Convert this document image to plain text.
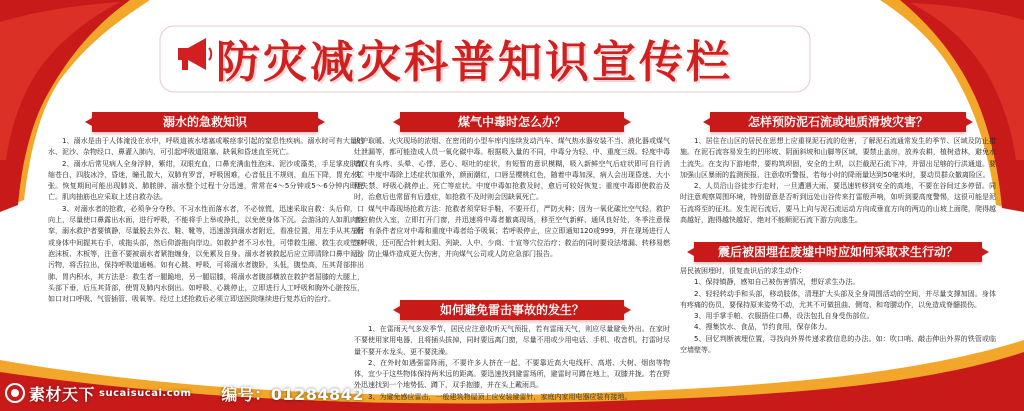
防灾减灾科普知识宣传栏
溺水的急救知识

1、溺水是由于人体淹没在水中，呼吸道被水堵塞或喉痉挛引起的窒息性疾病。溺水时可有大量的水、泥沙、杂物经口、鼻灌入肺内，可引起呼吸道阻塞、缺氧和昏迷直至死亡。

2、溺水后常见病人全身浮肿，紫绀，双眼充血，口鼻充满血性泡沫、泥沙或藻类，手足掌皮肤皱缩苍白，四肢冰冷，昏迷，瞳孔散大，双肺有罗音，呼吸困难，心音低且不规则，血压下降，胃充水扩张。恢复期间可能出现肺炎、肺脓肿、溺水整个过程十分迅速，常常在4～5分钟或5～6分钟内即死亡。肌肉抽筋也应采取上述自救办法。

3、对溺水者的抢救，必须争分夺秒。不习水性而落水者，不必惊慌，迅速采取自救：头后仰，口向上，尽量使口鼻露出水面，进行呼吸，不能将手上举或挣扎，以免使身体下沉。会游泳的人如肌肉痉挛，溺水救护者要镇静，尽量脱去外衣、鞋、靴等，迅速游到溺水者附近，看准位置，用左手从其左臂或身体中间握其右手，或拖头部，然后仰游拖向岸边。如救护者不习水性，可带救生圈、救生衣或塑料泡沫板、木板等，注意不要被溺水者紧抱缠身，以免累及自身。溺水者被救起后应立即清除口鼻中泥沙污物，将舌拉出，保持呼吸道通畅。如有心跳、呼吸，可将溺水者腹卧，头低，腹垫高，压其背部排出肺、胃内积水，其方法是：救生者一腿跪地，另一腿屈膝，将溺水者腹部横放在救护者屈膝的大腿上，头部下垂，后压其背部，使胃及肺内水倒出。如呼吸、心跳停止，立即进行人工呼吸和胸外心脏按压，如口对口呼吸、气管插管、吸氧等。经过上述抢救后必须立即送医院继续进行复苏后的治疗。

煤气中毒时怎么办？

火炉取暖、火灾现场的浓烟、在密闭的小型车库内连续发动汽车、煤气热水器安装不当、液化器或煤气灶泄漏等，都可能造成人员一氧化碳中毒。根据吸入量的不同，中毒分为轻、中、重度三级。轻度中毒者仅有头疼、头晕、心悸、恶心、呕吐的症状，有短暂的意识模糊，吸入新鲜空气后症状即可自行消失。中度中毒除上述症状加重外，颜面潮红，口唇呈樱桃红色，随着中毒加深，病人会出现昏迷、大小便失禁、呼吸心跳停止，死亡等症状。中度中毒如抢救及时，愈后可较好恢复；重度中毒即使救治及时，治愈后也常留有后遗症，如抢救不及时则会因缺氧死亡。

煤气中毒现场抢救方法：抢救者须穿好手鞋，不要开灯，严防火种；因为一氧化碳比空气轻，救护者应俯伏入室，立即打开门窗，并迅速将中毒者撤离现场，移至空气新鲜、通风良好处，冬季注意保暖；有条件者应对中毒和重度中毒者给予吸氧；若呼吸停止，应立即通知120或999，并在现场进行人工呼吸，还可配合针刺太阳、列缺、人中、少商、十宣等穴位治疗；救治的同时要设法堵漏、转移易燃品，防止爆炸造成更大伤害，并向煤气公司或人防应急部门报告。

如何避免雷击事故的发生？

1、在雷雨天气多发季节，居民应注意收听天气预报，若有雷雨天气，则应尽量避免外出。在家时不要使用家用电器，且将插头拔掉，同时要远离门窗，尽量不用或少用电话、手机、收音机，打雷时尽量不要开水龙头，更不要洗澡。

2、在外时如遇强雷阵雨，不要许多人挤在一起，不要靠近高大电线杆、高塔、大树、烟囱等物体，宜少于这些物体保持两米远的距离。要迅速找到避雷场所，避雷时可蹲在地上，双膝并拢。若在野外迅速找到一个地势低、蹲下，双手抱膝，并在头上戴雨具。

3、为避免感应雷击，一般建筑物屋顶上应安装避雷针，家庭内家用电器应装有接地。

怎样预防泥石流或地质滑坡灾害？

1、居住在山区的居民在思想上应重视泥石流的危害，了解泥石流通常发生的季节、区域及防止措施。在泥石流容易发生的凹形坡、阴面斜坡和山脚等区域，要禁止盖房，放养农耕，植树造林，避免水土流失。在支沟下游地带，要构筑坝固，安全的土坝，以拦截泥石流下冲，并留出足够的行洪通道。要加强山区暴雨的监测预报，注意收听警报，若每小时的降雨量达到50毫米时，要动员群众撤离险区。

2、人员沿山谷徒步行走时，一旦遭遇大雨，要迅速转移到安全的高地，不要在谷间过多停留。同时注意观察周围环境，特别留意是否听到远处山谷传来打雷般声响，如听到要高度警惕，这很可能是泥石流将至的征兆。发生泥石流后，要马上向与泥石流运动方向成垂直方向的两边的山坡上面爬，爬得越高越好，跑得越快越好，绝对不能顺泥石流下游方向逃生。

震后被困埋在废墟中时应如何采取求生行动？

居民被困埋时，很复查识后的求生动作：

1、保持镇静，感知自己被伤害情况，想好求生办法。

2、轻轻转动手和头部，移动肢体，清理扩大头部及全身周围活动的空间，并尽量支撑加固。身体有疼痛的伤员，要保持原来姿势不动，尤其不可做扭曲、侧弯、和弯腰动作，以免造成脊髓损伤。

3、用手掌手帕、衣服捂住口鼻，设法包扎自身受伤部位。

4、搜集饮水、食品，节约食用，保存体力。

5、回忆判断被埋位置，寻找向外界传递求救信息的办法。如：吹口哨、敲击伸出外界的铁管或临空墙壁等。

素材天下 sucaisucai.com 编号：01284842
